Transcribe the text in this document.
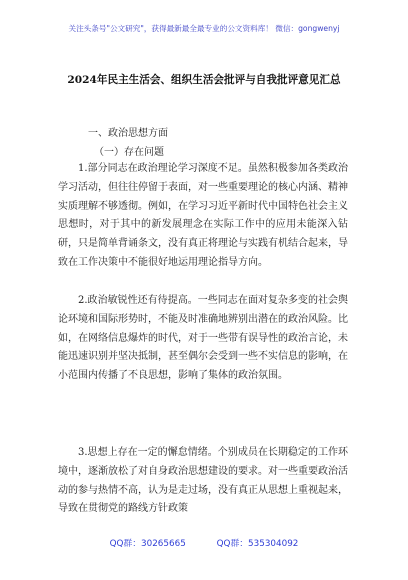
关注头条号"公文研究"，获得最新最全最专业的公文资料库！ 微信：gongwenyj
2024年民主生活会、组织生活会批评与自我批评意见汇总
一、政治思想方面
（一）存在问题
1.部分同志在政治理论学习深度不足。虽然积极参加各类政治学习活动，但往往停留于表面，对一些重要理论的核心内涵、精神实质理解不够透彻。例如，在学习习近平新时代中国特色社会主义思想时，对于其中的新发展理念在实际工作中的应用未能深入钻研，只是简单背诵条文，没有真正将理论与实践有机结合起来，导致在工作决策中不能很好地运用理论指导方向。
2.政治敏锐性还有待提高。一些同志在面对复杂多变的社会舆论环境和国际形势时，不能及时准确地辨别出潜在的政治风险。比如，在网络信息爆炸的时代，对于一些带有误导性的政治言论，未能迅速识别并坚决抵制，甚至偶尔会受到一些不实信息的影响，在小范围内传播了不良思想，影响了集体的政治氛围。
3.思想上存在一定的懈怠情绪。个别成员在长期稳定的工作环境中，逐渐放松了对自身政治思想建设的要求。对一些重要政治活动的参与热情不高，认为是走过场，没有真正从思想上重视起来，导致在贯彻党的路线方针政策
QQ群：30265665	QQ群：535304092
